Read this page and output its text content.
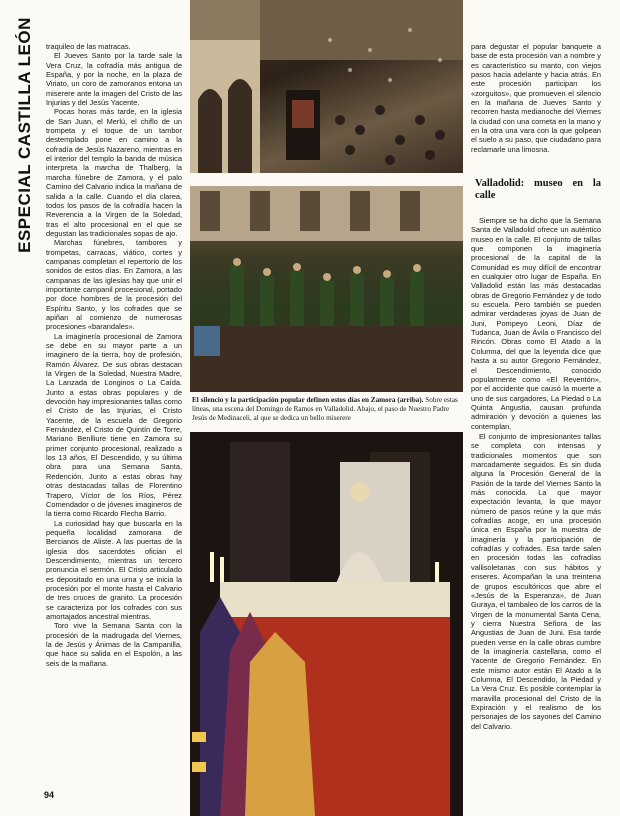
ESPECIAL CASTILLA LEÓN traquileo de las matracas.

El Jueves Santo por la tarde sale la Vera Cruz, la cofradía más antigua de España, y por la noche, en la plaza de Viriato, un coro de zamoranos entona un miserere ante la imagen del Cristo de las Injurias y del Jesús Yacente.

Pocas horas más tarde, en la iglesia de San Juan, el Merlú, el chiflo de un trompeta y el toque de un tambor destemplado pone en camino a la cofradía de Jesús Nazareno, mientras en el interior del templo la banda de música interpreta la marcha de Thalberg, la marcha fúnebre de Zamora, y el palo Camino del Calvario indica la mañana de salida a la calle. Cuando el día clarea, todos los pasos de la cofradía hacen la Reverencia a la Virgen de la Soledad, tras el alto procesional en el que se degustan las tradicionales sopas de ajo.

Marchas fúnebres, tambores y trompetas, carracas, viático, cortes y campanas completan el repertorio de los sonidos de estos días. En Zamora, a las campanas de las iglesias hay que unir el importante campanil procesional, portado por doce hombres de la procesión del Espíritu Santo, y los cofrades que se apiñan al comienzo de numerosas procesiones «barandales».

La imaginería procesional de Zamora se debe en su mayor parte a un imaginero de la tierra, hoy de profesión, Ramón Álvarez. De sus obras destacan la Virgen de la Soledad, Nuestra Madre, La Lanzada de Longinos o La Caída. Junto a estas obras populares y de devoción hay impresionantes tallas como el Cristo de las Injurias, el Cristo Yacente, de la escuela de Gregorio Fernández, el Cristo de Quintín de Torre, Mariano Benlliure tiene en Zamora su primer conjunto procesional, realizado a los 13 años, El Descendido, y su última obra para una Semana Santa, Redención. Junto a estas obras hay otras destacadas tallas de Florentino Trapero, Víctor de los Ríos, Pérez Comendador o de jóvenes imagineros de la tierra como Ricardo Flecha Barrio.

La curiosidad hay que buscarla en la pequeña localidad zamorana de Bercianos de Aliste. A las puertas de la iglesia dos sacerdotes ofician el Descendimiento, mientras un tercero pronuncia el sermón. El Cristo articulado es depositado en una urna y se inicia la procesión por el monte hasta el Calvario de tres cruces de granito. La procesión se caracteriza por los cofrades con sus amortajados ancestral mientras.

Toro vive la Semana Santa con la procesión de la madrugada del Viernes, la de Jesús y Ánimas de la Campanilla, que hace su salida en el Espolón, a las seis de la mañana.

El silencio y la participación popular definen estos días en Zamora (arriba). Sobre estas líneas, una escena del Domingo de Ramos en Valladolid. Abajo, el paso de Nuestro Padre Jesús de Medinaceli, al que se dedica un bello miserere

para degustar el popular banquete a base de esta procesión van a nombre y es característico su manto, con viejos pasos hacia adelante y hacia atrás. En este procesión participan los «zorguitos», que promueven el silencio en la mañana de Jueves Santo y recorren hasta medianoche del Viernes la ciudad con una corneta en la mano y en la otra una vara con la que golpean el suelo a su paso, que ciudadano para reclamarle una limosna.

Valladolid: museo en la calle

Siempre se ha dicho que la Semana Santa de Valladolid ofrece un auténtico museo en la calle. El conjunto de tallas que componen la imaginería procesional de la capital de la Comunidad es muy difícil de encontrar en cualquier otro lugar de España. En Valladolid están las más destacadas obras de Gregorio Fernández y de todo su escuela. Pero también se pueden admirar verdaderas joyas de Juan de Juni, Pompeyo Leoni, Díaz de Tudanca, Juan de Ávila o Francisco del Rincón. Obras como El Atado a la Columna, del que la leyenda dice que hasta a su autor Gregorio Fernández, el Descendimiento, conocido popularmente como «El Reventón», por el accidente que causó la muerte a uno de sus cargadores, La Piedad o La Quinta Angustia, causan profunda admiración y devoción a quienes las contemplan.

El conjunto de impresionantes tallas se completa con intensas y tradicionales momentos que son marcadamente seguidos. Es sin duda alguna la Procesión General de la Pasión de la tarde del Viernes Santo la más conocida. La que mayor expectación levanta, la que mayor número de pasos reúne y la que más cofradías acoge, en una procesión única en España por la muestra de imaginería y la participación de cofradías y cofrades. Esa tarde salen en procesión todas las cofradías vallisoletanas con sus hábitos y enseres. Acompañan la una treintena de grupos escultóricos que abre el «Jesús de la Esperanza», de Juan Guraya, el tambaleo de los carros de la Virgen de la monumental Santa Cena, y cierra Nuestra Señora de las Angustias de Juan de Juni. Esa tarde pueden verse en la calle obras cumbre de la imaginería castellana, como el Yacente de Gregorio Fernández. En este mismo autor están El Atado a la Columna, El Descendido, la Piedad y La Vera Cruz. Es posible contemplar la maravilla procesional del Cristo de la Expiración y el realismo de los personajes de los sayones del Camino del Calvario.

94
